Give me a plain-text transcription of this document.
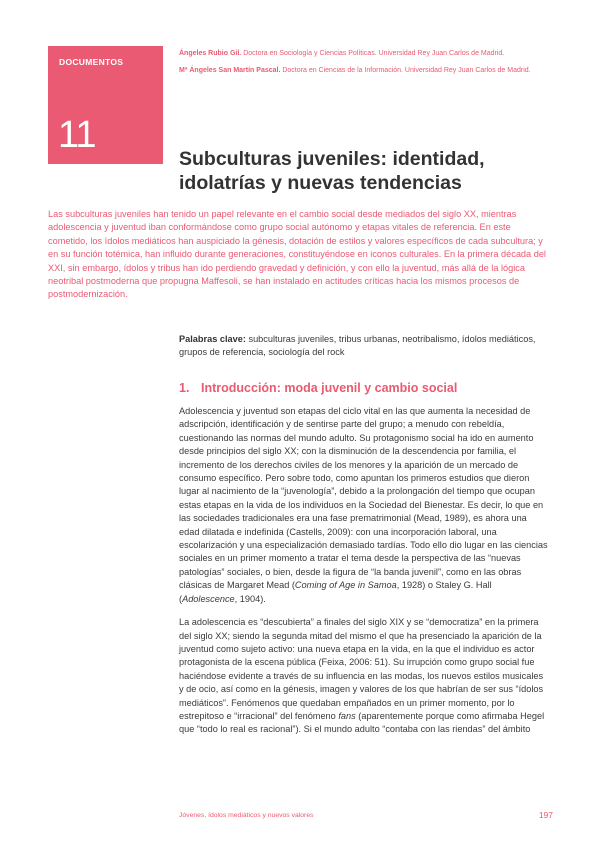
DOCUMENTOS
11
Ángeles Rubio Gil. Doctora en Sociología y Ciencias Políticas. Universidad Rey Juan Carlos de Madrid.
Mª Ángeles San Martín Pascal. Doctora en Ciencias de la Información. Universidad Rey Juan Carlos de Madrid.
Subculturas juveniles: identidad, idolatrías y nuevas tendencias

Las subculturas juveniles han tenido un papel relevante en el cambio social desde mediados del siglo XX, mientras adolescencia y juventud iban conformándose como grupo social autónomo y etapas vitales de referencia. En este cometido, los ídolos mediáticos han auspiciado la génesis, dotación de estilos y valores específicos de cada subcultura; y en su función totémica, han influido durante generaciones, constituyéndose en iconos culturales. En la primera década del XXI, sin embargo, ídolos y tribus han ido perdiendo gravedad y definición, y con ello la juventud, más allá de la lógica neotribal postmoderna que propugna Maffesoli, se han instalado en actitudes críticas hacia los mismos procesos de postmodernización.

Palabras clave: subculturas juveniles, tribus urbanas, neotribalismo, ídolos mediáticos, grupos de referencia, sociología del rock

1. Introducción: moda juvenil y cambio social

Adolescencia y juventud son etapas del ciclo vital en las que aumenta la necesidad de adscripción, identificación y de sentirse parte del grupo; a menudo con rebeldía, cuestionando las normas del mundo adulto. Su protagonismo social ha ido en aumento desde principios del siglo XX; con la disminución de la descendencia por familia, el incremento de los derechos civiles de los menores y la aparición de un mercado de consumo específico. Pero sobre todo, como apuntan los primeros estudios que dieron lugar al nacimiento de la “juvenología”, debido a la prolongación del tiempo que ocupan estas etapas en la vida de los individuos en la Sociedad del Bienestar. Es decir, lo que en las sociedades tradicionales era una fase prematrimonial (Mead, 1989), es ahora una edad dilatada e indefinida (Castells, 2009): con una incorporación laboral, una escolarización y una especialización demasiado tardías. Todo ello dio lugar en las ciencias sociales en un primer momento a tratar el tema desde la perspectiva de las “nuevas patologías” sociales, o bien, desde la figura de “la banda juvenil”, como en las obras clásicas de Margaret Mead (Coming of Age in Samoa, 1928) o Staley G. Hall (Adolescence, 1904).

La adolescencia es “descubierta” a finales del siglo XIX y se “democratiza” en la primera del siglo XX; siendo la segunda mitad del mismo el que ha presenciado la aparición de la juventud como sujeto activo: una nueva etapa en la vida, en la que el individuo es actor protagonista de la escena pública (Feixa, 2006: 51). Su irrupción como grupo social fue haciéndose evidente a través de su influencia en las modas, los nuevos estilos musicales y de ocio, así como en la génesis, imagen y valores de los que habrían de ser sus “ídolos mediáticos”. Fenómenos que quedaban empañados en un primer momento, por lo estrepitoso e “irracional” del fenómeno fans (aparentemente porque como afirmaba Hegel que “todo lo real es racional”). Si el mundo adulto “contaba con las riendas” del ámbito

Jóvenes, ídolos mediáticos y nuevos valores	197
